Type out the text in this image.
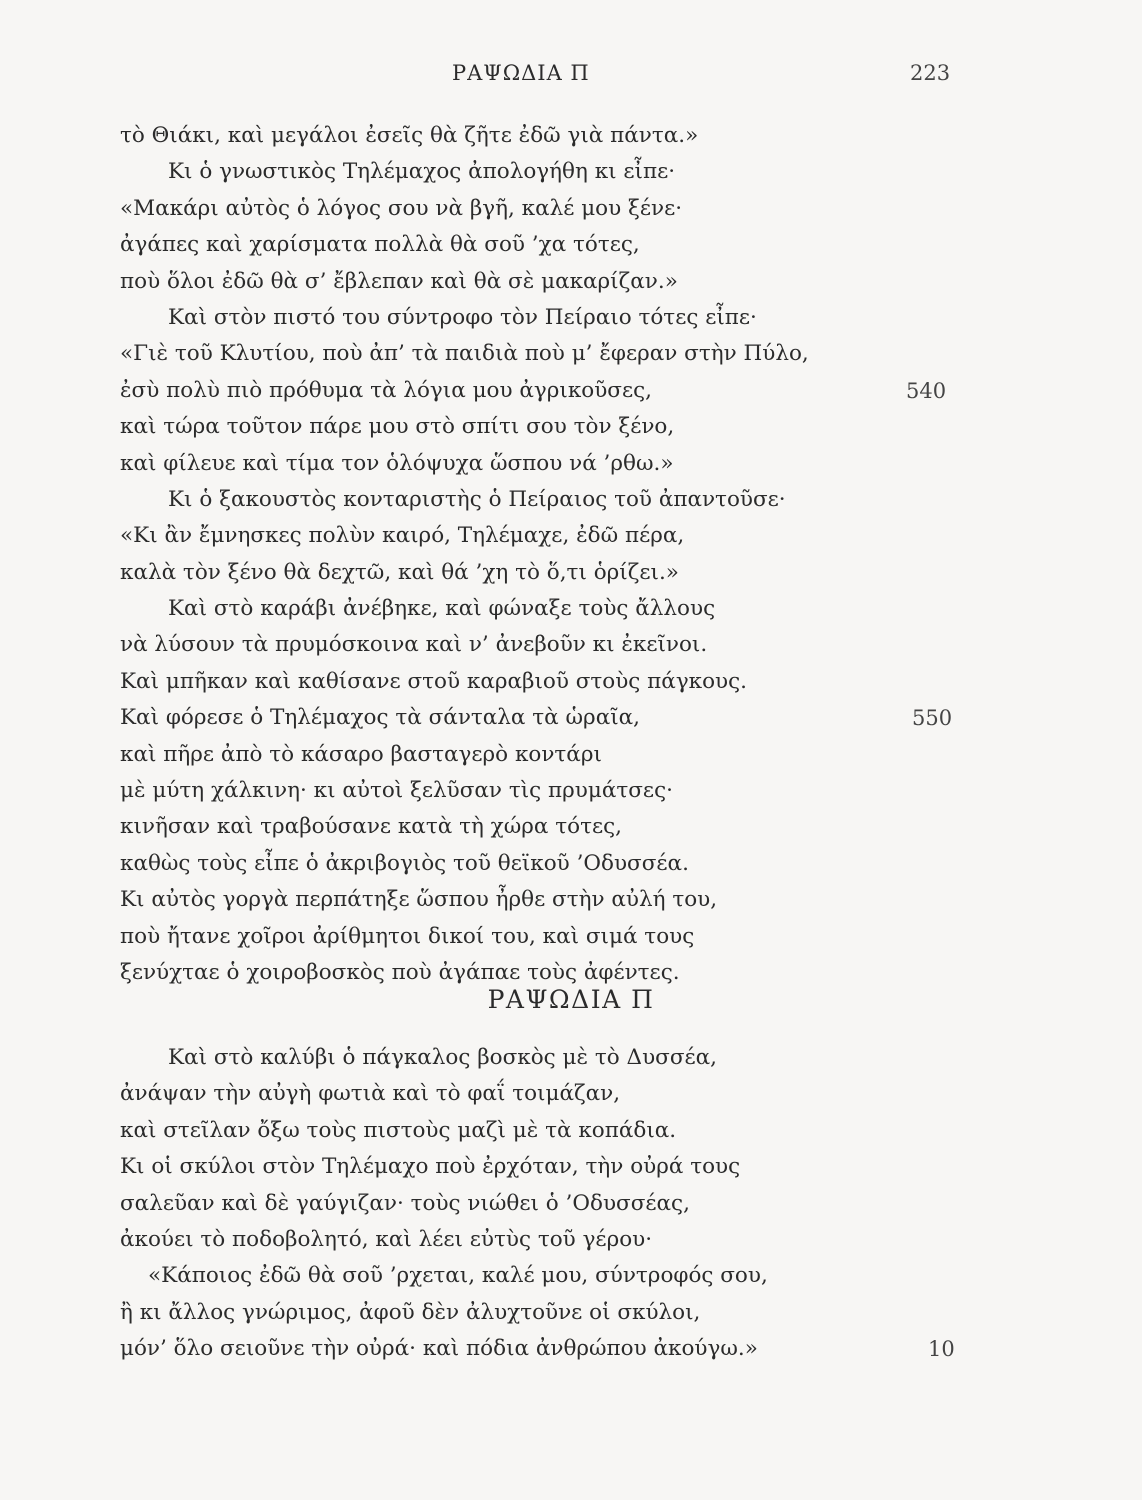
ΡΑΨΩΔΙΑ Π	223
τὸ Θιάκι, καὶ μεγάλοι ἐσεῖς θὰ ζῆτε ἐδῶ γιὰ πάντα.»
Κι ὁ γνωστικὸς Τηλέμαχος ἀπολογήθη κι εἶπε·
«Μακάρι αὐτὸς ὁ λόγος σου νὰ βγῆ, καλέ μου ξένε·
ἀγάπες καὶ χαρίσματα πολλὰ θὰ σοῦ ’χα τότες,
ποὺ ὅλοι ἐδῶ θὰ σ’ ἔβλεπαν καὶ θὰ σὲ μακαρίζαν.»
Καὶ στὸν πιστό του σύντροφο τὸν Πείραιο τότες εἶπε·
«Γιὲ τοῦ Κλυτίου, ποὺ ἀπ’ τὰ παιδιὰ ποὺ μ’ ἔφεραν στὴν Πύλο,
ἐσὺ πολὺ πιὸ πρόθυμα τὰ λόγια μου ἀγρικοῦσες,	540
καὶ τώρα τοῦτον πάρε μου στὸ σπίτι σου τὸν ξένο,
καὶ φίλευε καὶ τίμα τον ὁλόψυχα ὥσπου νά ’ρθω.»
Κι ὁ ξακουστὸς κονταριστὴς ὁ Πείραιος τοῦ ἀπαντοῦσε·
«Κι ἂν ἔμνησκες πολὺν καιρό, Τηλέμαχε, ἐδῶ πέρα,
καλὰ τὸν ξένο θὰ δεχτῶ, καὶ θά ’χη τὸ ὅ,τι ὁρίζει.»
Καὶ στὸ καράβι ἀνέβηκε, καὶ φώναξε τοὺς ἄλλους
νὰ λύσουν τὰ πρυμόσκοινα καὶ ν’ ἀνεβοῦν κι ἐκεῖνοι.
Καὶ μπῆκαν καὶ καθίσανε στοῦ καραβιοῦ στοὺς πάγκους.
Καὶ φόρεσε ὁ Τηλέμαχος τὰ σάνταλα τὰ ὡραῖα,	550
καὶ πῆρε ἀπὸ τὸ κάσαρο βασταγερὸ κοντάρι
μὲ μύτη χάλκινη· κι αὐτοὶ ξελῦσαν τὶς πρυμάτσες·
κινῆσαν καὶ τραβούσανε κατὰ τὴ χώρα τότες,
καθὼς τοὺς εἶπε ὁ ἀκριβογιὸς τοῦ θεϊκοῦ ’Οδυσσέα.
Κι αὐτὸς γοργὰ περπάτηξε ὥσπου ἦρθε στὴν αὐλή του,
ποὺ ἤτανε χοῖροι ἀρίθμητοι δικοί του, καὶ σιμά τους
ξενύχταε ὁ χοιροβοσκὸς ποὺ ἀγάπαε τοὺς ἀφέντες.
ΡΑΨΩΔΙΑ Π
Καὶ στὸ καλύβι ὁ πάγκαλος βοσκὸς μὲ τὸ Δυσσέα,
ἀνάψαν τὴν αὐγὴ φωτιὰ καὶ τὸ φαΐ τοιμάζαν,
καὶ στεῖλαν ὄξω τοὺς πιστοὺς μαζὶ μὲ τὰ κοπάδια.
Κι οἱ σκύλοι στὸν Τηλέμαχο ποὺ ἐρχόταν, τὴν οὐρά τους
σαλεῦαν καὶ δὲ γαύγιζαν· τοὺς νιώθει ὁ ’Οδυσσέας,
ἀκούει τὸ ποδοβολητό, καὶ λέει εὐτὺς τοῦ γέρου·
«Κάποιος ἐδῶ θὰ σοῦ ’ρχεται, καλέ μου, σύντροφός σου,
ἢ κι ἄλλος γνώριμος, ἀφοῦ δὲν ἀλυχτοῦνε οἱ σκύλοι,
μόν’ ὅλο σειοῦνε τὴν οὐρά· καὶ πόδια ἀνθρώπου ἀκούγω.»	10
